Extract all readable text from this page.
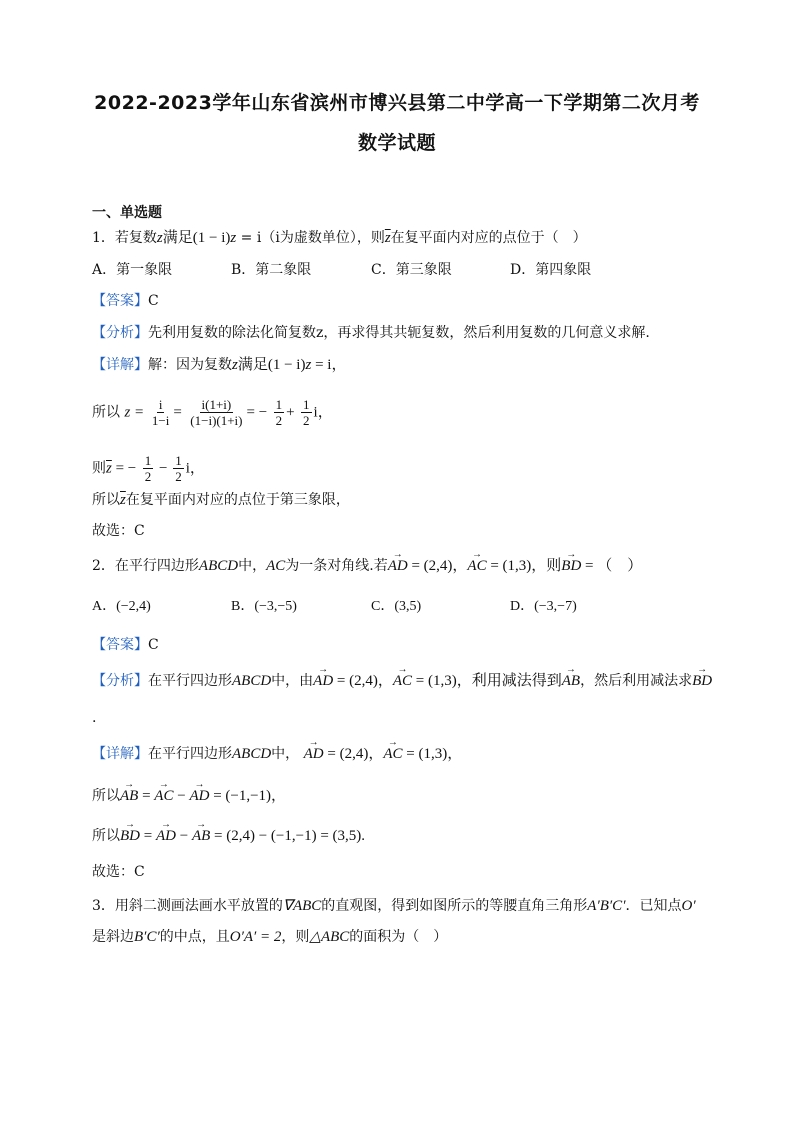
2022-2023学年山东省滨州市博兴县第二中学高一下学期第二次月考
数学试题
一、单选题
1．若复数z满足(1 − i)z = i（i为虚数单位），则$\overline{z}$在复平面内对应的点位于（　）
A．第一象限	B．第二象限	C．第三象限	D．第四象限
【答案】C
【分析】先利用复数的除法化简复数z，再求得其共轭复数，然后利用复数的几何意义求解.
【详解】解：因为复数z满足(1 − i)z = i，
所以 $z = \frac{i}{1-i} = \frac{i(1+i)}{(1-i)(1+i)}$ = − $\frac{1}{2} + \frac{1}{2}$ i，
则$\overline{z}$ = − $\frac{1}{2} - \frac{1}{2}$ i，
所以$\overline{z}$在复平面内对应的点位于第三象限，
故选：C
2．在平行四边形ABCD中，AC为一条对角线.若→ AD = (2,4)，→ AC = (1,3)，则→ BD = （　）
A．(−2,4)	B．(−3,−5)	C．(3,5)	D．(−3,−7)
【答案】C
【分析】在平行四边形ABCD中，由→ AD = (2,4)，→ AC = (1,3)，利用减法得到→ AB，然后利用减法求→ BD
.
【详解】在平行四边形ABCD中， → AD = (2,4)，→ AC = (1,3)，
所以→ AB = → AC − → AD = (−1,−1)，
所以→ BD = → AD − → AB = (2,4) − (−1,−1) = (3,5).
故选：C
3．用斜二测画法画水平放置的∇ABC的直观图，得到如图所示的等腰直角三角形A′B′C′．已知点O′
是斜边B′C′的中点，且O′A′ = 2，则△ABC的面积为（　）
